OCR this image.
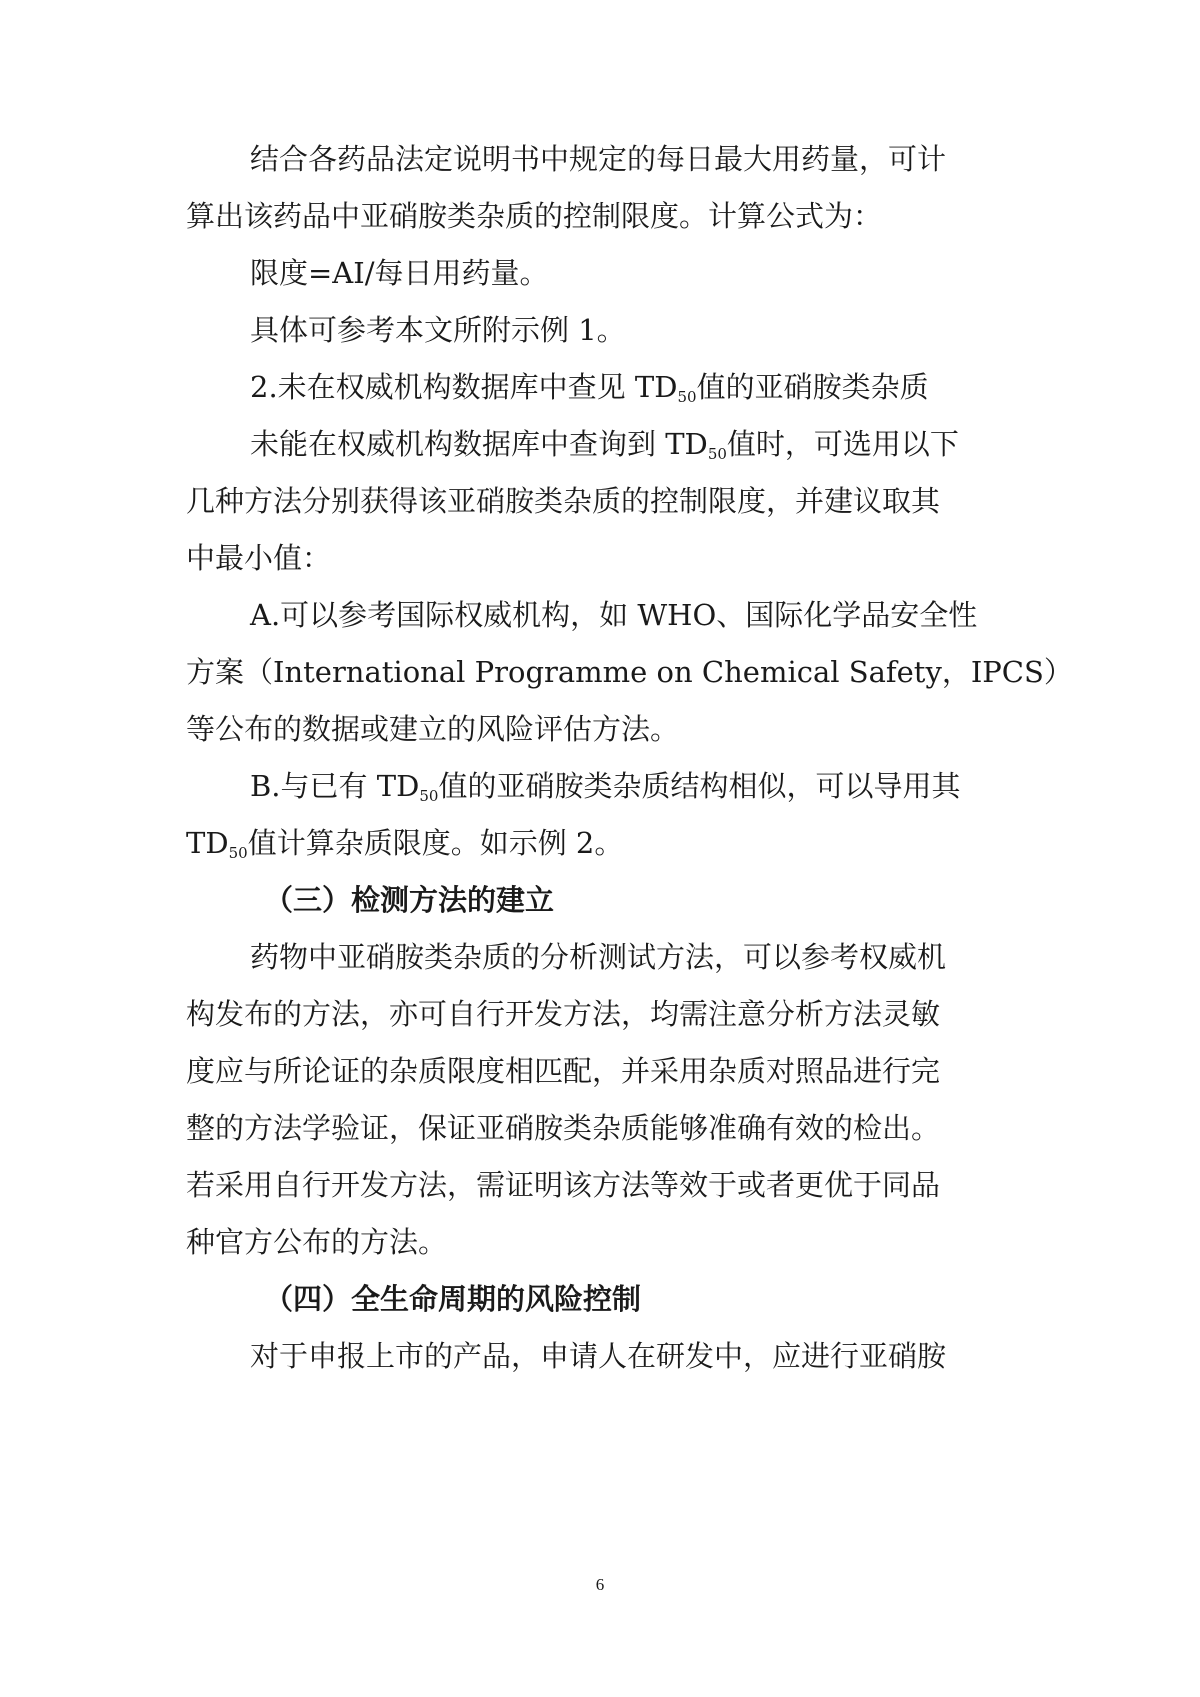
结合各药品法定说明书中规定的每日最大用药量，可计
算出该药品中亚硝胺类杂质的控制限度。计算公式为：
限度=AI/每日用药量。
具体可参考本文所附示例 1。
2.未在权威机构数据库中查见 $TD_{50}$值的亚硝胺类杂质
未能在权威机构数据库中查询到 $TD_{50}$值时，可选用以下
几种方法分别获得该亚硝胺类杂质的控制限度，并建议取其
中最小值：
A.可以参考国际权威机构，如 WHO、国际化学品安全性
方案（International Programme on Chemical Safety，IPCS）
等公布的数据或建立的风险评估方法。
B.与已有 $TD_{50}$值的亚硝胺类杂质结构相似，可以导用其
$TD_{50}$值计算杂质限度。如示例 2。
（三）检测方法的建立
药物中亚硝胺类杂质的分析测试方法，可以参考权威机
构发布的方法，亦可自行开发方法，均需注意分析方法灵敏
度应与所论证的杂质限度相匹配，并采用杂质对照品进行完
整的方法学验证，保证亚硝胺类杂质能够准确有效的检出。
若采用自行开发方法，需证明该方法等效于或者更优于同品
种官方公布的方法。
（四）全生命周期的风险控制
对于申报上市的产品，申请人在研发中，应进行亚硝胺
6
